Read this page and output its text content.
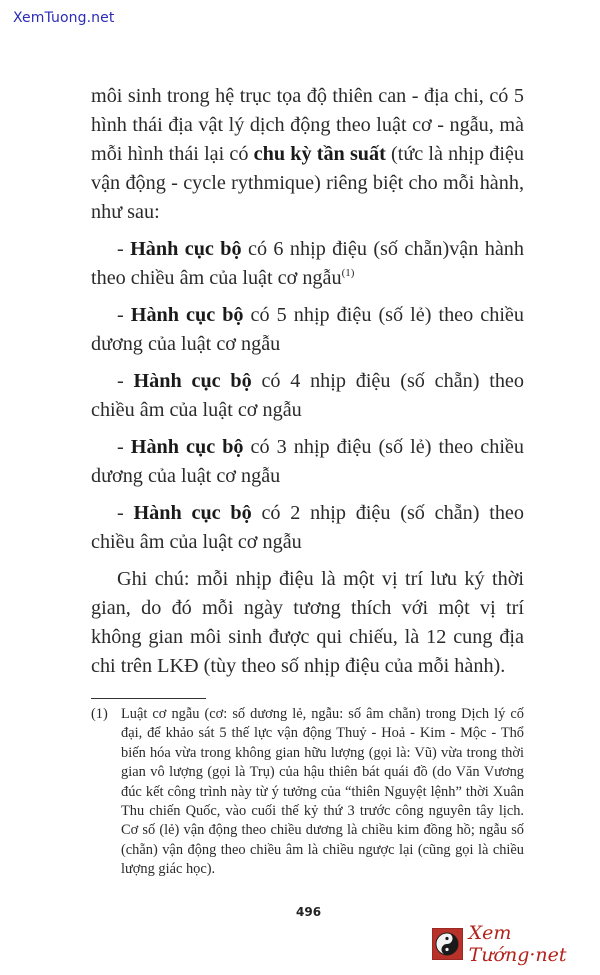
XemTuong.net

môi sinh trong hệ trục tọa độ thiên can - địa chi, có 5 hình thái địa vật lý dịch động theo luật cơ - ngẫu, mà mỗi hình thái lại có chu kỳ tần suất (tức là nhịp điệu vận động - cycle rythmique) riêng biệt cho mỗi hành, như sau:

- Hành cục bộ có 6 nhịp điệu (số chẵn)vận hành theo chiều âm của luật cơ ngẫu$^{(1)}$

- Hành cục bộ có 5 nhịp điệu (số lẻ) theo chiều dương của luật cơ ngẫu

- Hành cục bộ có 4 nhịp điệu (số chẵn) theo chiều âm của luật cơ ngẫu

- Hành cục bộ có 3 nhịp điệu (số lẻ) theo chiều dương của luật cơ ngẫu

- Hành cục bộ có 2 nhịp điệu (số chẵn) theo chiều âm của luật cơ ngẫu

Ghi chú: mỗi nhịp điệu là một vị trí lưu ký thời gian, do đó mỗi ngày tương thích với một vị trí không gian môi sinh được qui chiếu, là 12 cung địa chi trên LKĐ (tùy theo số nhịp điệu của mỗi hành).

(1) Luật cơ ngẫu (cơ: số dương lẻ, ngẫu: số âm chẵn) trong Dịch lý cố đại, để khảo sát 5 thế lực vận động Thuỷ - Hoả - Kim - Mộc - Thổ biến hóa vừa trong không gian hữu lượng (gọi là: Vũ) vừa trong thời gian vô lượng (gọi là Trụ) của hậu thiên bát quái đồ (do Văn Vương đúc kết công trình này từ ý tưởng của “thiên Nguyệt lệnh” thời Xuân Thu chiến Quốc, vào cuối thế kỷ thứ 3 trước công nguyên tây lịch. Cơ số (lẻ) vận động theo chiều dương là chiều kim đồng hồ; ngẫu số (chẵn) vận động theo chiều âm là chiều ngược lại (cũng gọi là chiều lượng giác học).
496
Xem Tướng·net
